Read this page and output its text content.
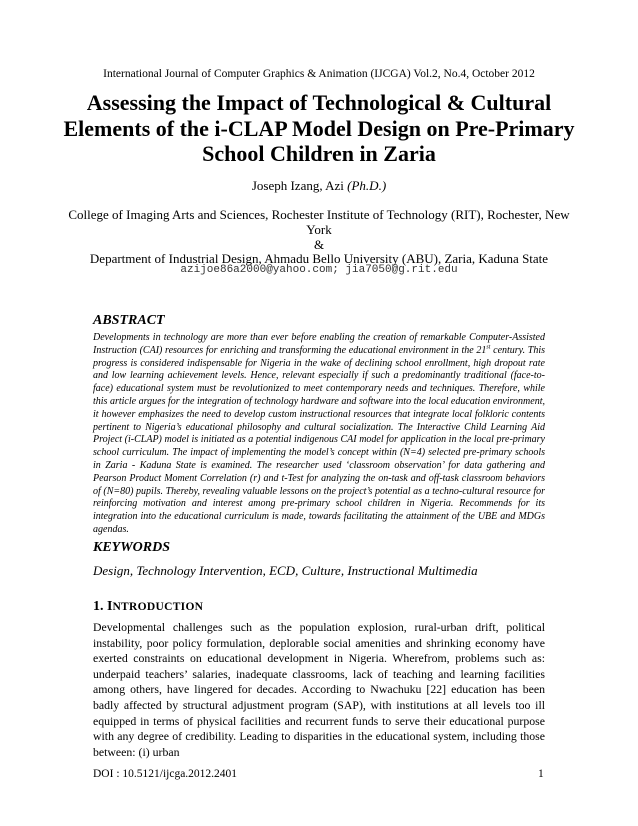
International Journal of Computer Graphics & Animation (IJCGA) Vol.2, No.4, October 2012
Assessing the Impact of Technological & Cultural Elements of the i-CLAP Model Design on Pre-Primary School Children in Zaria
Joseph Izang, Azi (Ph.D.)
College of Imaging Arts and Sciences, Rochester Institute of Technology (RIT), Rochester, New York
&
Department of Industrial Design, Ahmadu Bello University (ABU), Zaria, Kaduna State
azijoe86a2000@yahoo.com; jia7050@g.rit.edu
ABSTRACT
Developments in technology are more than ever before enabling the creation of remarkable Computer-Assisted Instruction (CAI) resources for enriching and transforming the educational environment in the 21st century. This progress is considered indispensable for Nigeria in the wake of declining school enrollment, high dropout rate and low learning achievement levels. Hence, relevant especially if such a predominantly traditional (face-to-face) educational system must be revolutionized to meet contemporary needs and techniques. Therefore, while this article argues for the integration of technology hardware and software into the local education environment, it however emphasizes the need to develop custom instructional resources that integrate local folkloric contents pertinent to Nigeria’s educational philosophy and cultural socialization. The Interactive Child Learning Aid Project (i-CLAP) model is initiated as a potential indigenous CAI model for application in the local pre-primary school curriculum. The impact of implementing the model’s concept within (N=4) selected pre-primary schools in Zaria - Kaduna State is examined. The researcher used ‘classroom observation’ for data gathering and Pearson Product Moment Correlation (r) and t-Test for analyzing the on-task and off-task classroom behaviors of (N=80) pupils. Thereby, revealing valuable lessons on the project’s potential as a techno-cultural resource for reinforcing motivation and interest among pre-primary school children in Nigeria. Recommends for its integration into the educational curriculum is made, towards facilitating the attainment of the UBE and MDGs agendas.
KEYWORDS
Design, Technology Intervention, ECD, Culture, Instructional Multimedia
1. INTRODUCTION
Developmental challenges such as the population explosion, rural-urban drift, political instability, poor policy formulation, deplorable social amenities and shrinking economy have exerted constraints on educational development in Nigeria. Wherefrom, problems such as: underpaid teachers’ salaries, inadequate classrooms, lack of teaching and learning facilities among others, have lingered for decades. According to Nwachuku [22] education has been badly affected by structural adjustment program (SAP), with institutions at all levels too ill equipped in terms of physical facilities and recurrent funds to serve their educational purpose with any degree of credibility. Leading to disparities in the educational system, including those between: (i) urban
DOI : 10.5121/ijcga.2012.2401	1
